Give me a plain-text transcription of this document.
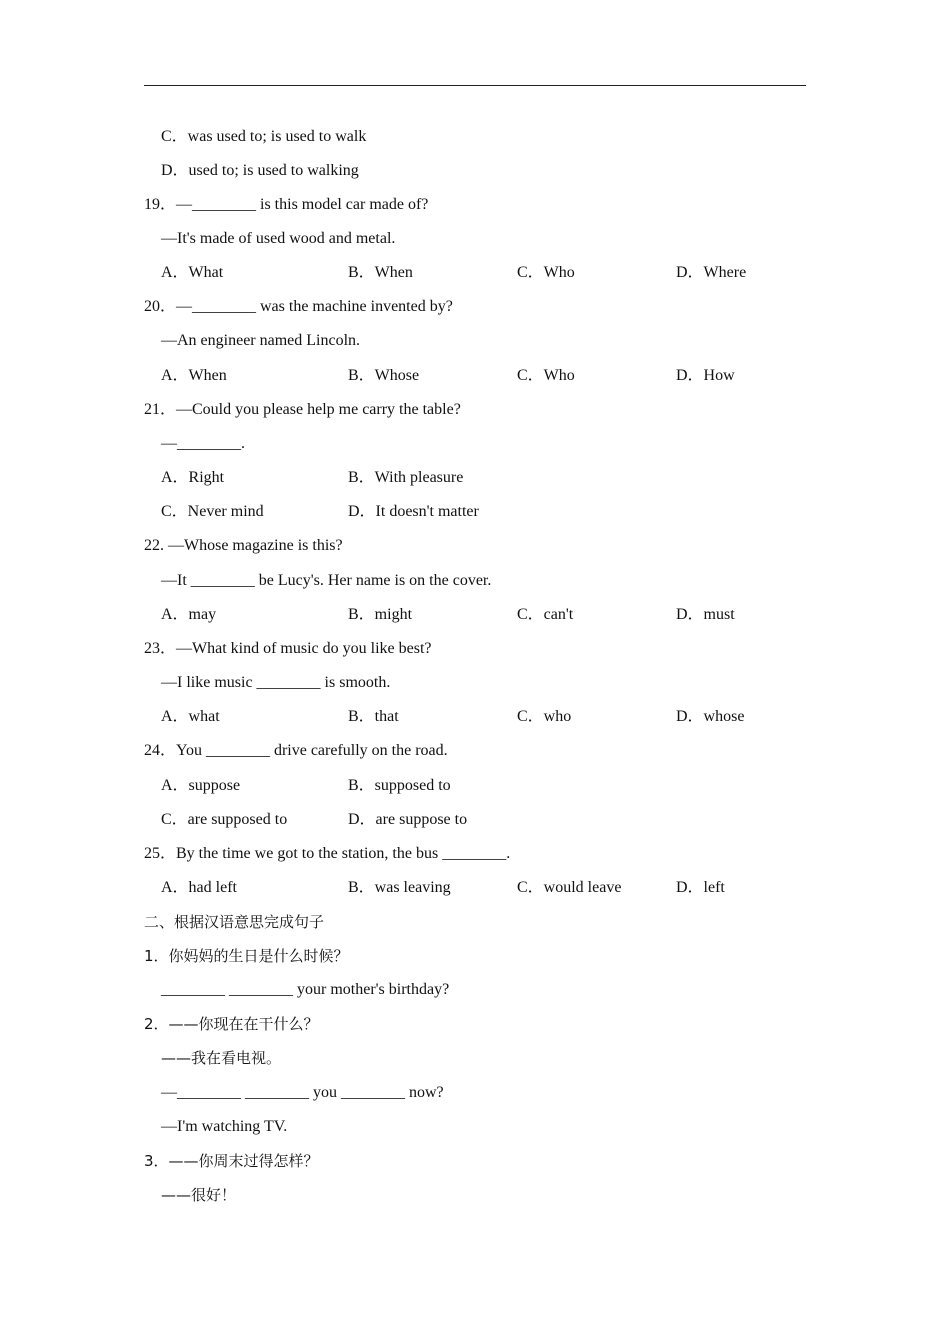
C．was used to; is used to walk
D．used to; is used to walking
19．—________ is this model car made of?
—It's made of used wood and metal.
A．What	B．When	C．Who	D．Where
20．—________ was the machine invented by?
—An engineer named Lincoln.
A．When	B．Whose	C．Who	D．How
21．—Could you please help me carry the table?
—________.
A．Right	B．With pleasure
C．Never mind	D．It doesn't matter
22. —Whose magazine is this?
—It ________ be Lucy's. Her name is on the cover.
A．may	B．might	C．can't	D．must
23．—What kind of music do you like best?
—I like music ________ is smooth.
A．what	B．that	C．who	D．whose
24．You ________ drive carefully on the road.
A．suppose	B．supposed to
C．are supposed to	D．are suppose to
25．By the time we got to the station, the bus ________.
A．had left	B．was leaving	C．would leave	D．left
二、根据汉语意思完成句子
1．你妈妈的生日是什么时候？
________ ________ your mother's birthday?
2．——你现在在干什么？
——我在看电视。
—________ ________ you ________ now?
—I'm watching TV.
3．——你周末过得怎样？
——很好！
